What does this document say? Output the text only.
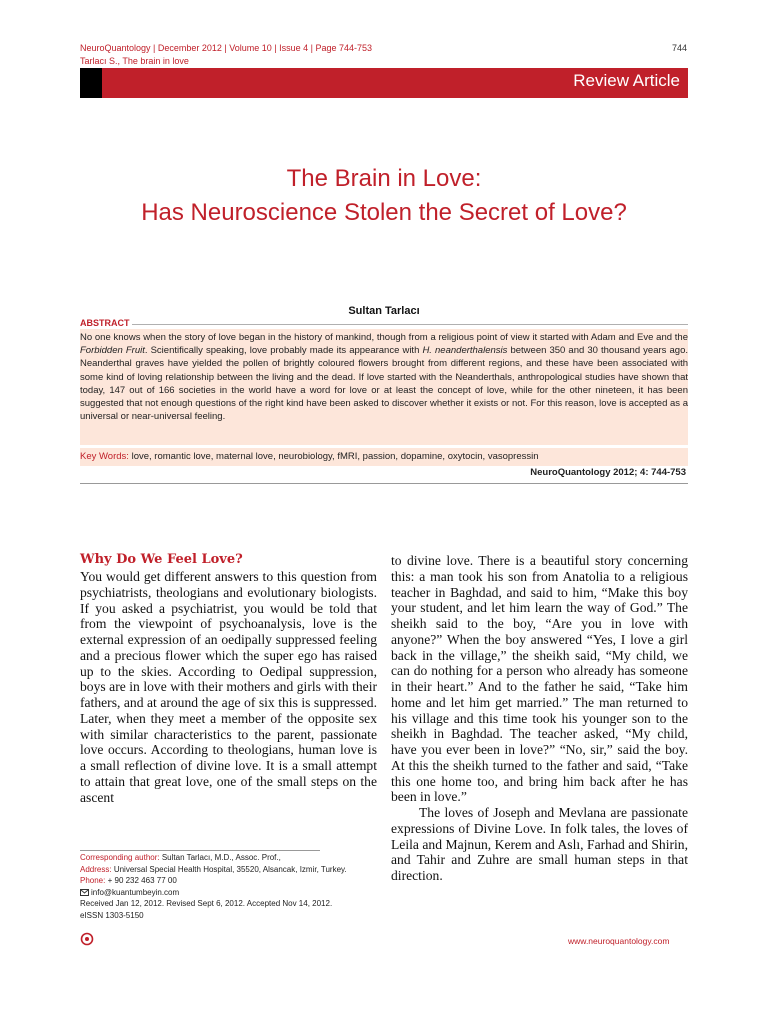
NeuroQuantology | December 2012 | Volume 10 | Issue 4 | Page 744-753
Tarlacı S., The brain in love
744
Review Article
The Brain in Love:
Has Neuroscience Stolen the Secret of Love?
Sultan Tarlacı
ABSTRACT
No one knows when the story of love began in the history of mankind, though from a religious point of view it started with Adam and Eve and the Forbidden Fruit. Scientifically speaking, love probably made its appearance with H. neanderthalensis between 350 and 30 thousand years ago. Neanderthal graves have yielded the pollen of brightly coloured flowers brought from different regions, and these have been associated with some kind of loving relationship between the living and the dead. If love started with the Neanderthals, anthropological studies have shown that today, 147 out of 166 societies in the world have a word for love or at least the concept of love, while for the other nineteen, it has been suggested that not enough questions of the right kind have been asked to discover whether it exists or not. For this reason, love is accepted as a universal or near-universal feeling.
Key Words: love, romantic love, maternal love, neurobiology, fMRI, passion, dopamine, oxytocin, vasopressin
NeuroQuantology 2012; 4: 744-753
Why Do We Feel Love?

You would get different answers to this question from psychiatrists, theologians and evolutionary biologists. If you asked a psychiatrist, you would be told that from the viewpoint of psychoanalysis, love is the external expression of an oedipally suppressed feeling and a precious flower which the super ego has raised up to the skies. According to Oedipal suppression, boys are in love with their mothers and girls with their fathers, and at around the age of six this is suppressed. Later, when they meet a member of the opposite sex with similar characteristics to the parent, passionate love occurs. According to theologians, human love is a small reflection of divine love. It is a small attempt to attain that great love, one of the small steps on the ascent

to divine love. There is a beautiful story concerning this: a man took his son from Anatolia to a religious teacher in Baghdad, and said to him, “Make this boy your student, and let him learn the way of God.” The sheikh said to the boy, “Are you in love with anyone?” When the boy answered “Yes, I love a girl back in the village,” the sheikh said, “My child, we can do nothing for a person who already has someone in their heart.” And to the father he said, “Take him home and let him get married.” The man returned to his village and this time took his younger son to the sheikh in Baghdad. The teacher asked, “My child, have you ever been in love?” “No, sir,” said the boy. At this the sheikh turned to the father and said, “Take this one home too, and bring him back after he has been in love.”

The loves of Joseph and Mevlana are passionate expressions of Divine Love. In folk tales, the loves of Leila and Majnun, Kerem and Aslı, Farhad and Shirin, and Tahir and Zuhre are small human steps in that direction.

Corresponding author: Sultan Tarlacı, M.D., Assoc. Prof.,
Address: Universal Special Health Hospital, 35520, Alsancak, Izmir, Turkey.
Phone: + 90 232 463 77 00
info@kuantumbeyin.com
Received Jan 12, 2012. Revised Sept 6, 2012. Accepted Nov 14, 2012.
eISSN 1303-5150
www.neuroquantology.com
